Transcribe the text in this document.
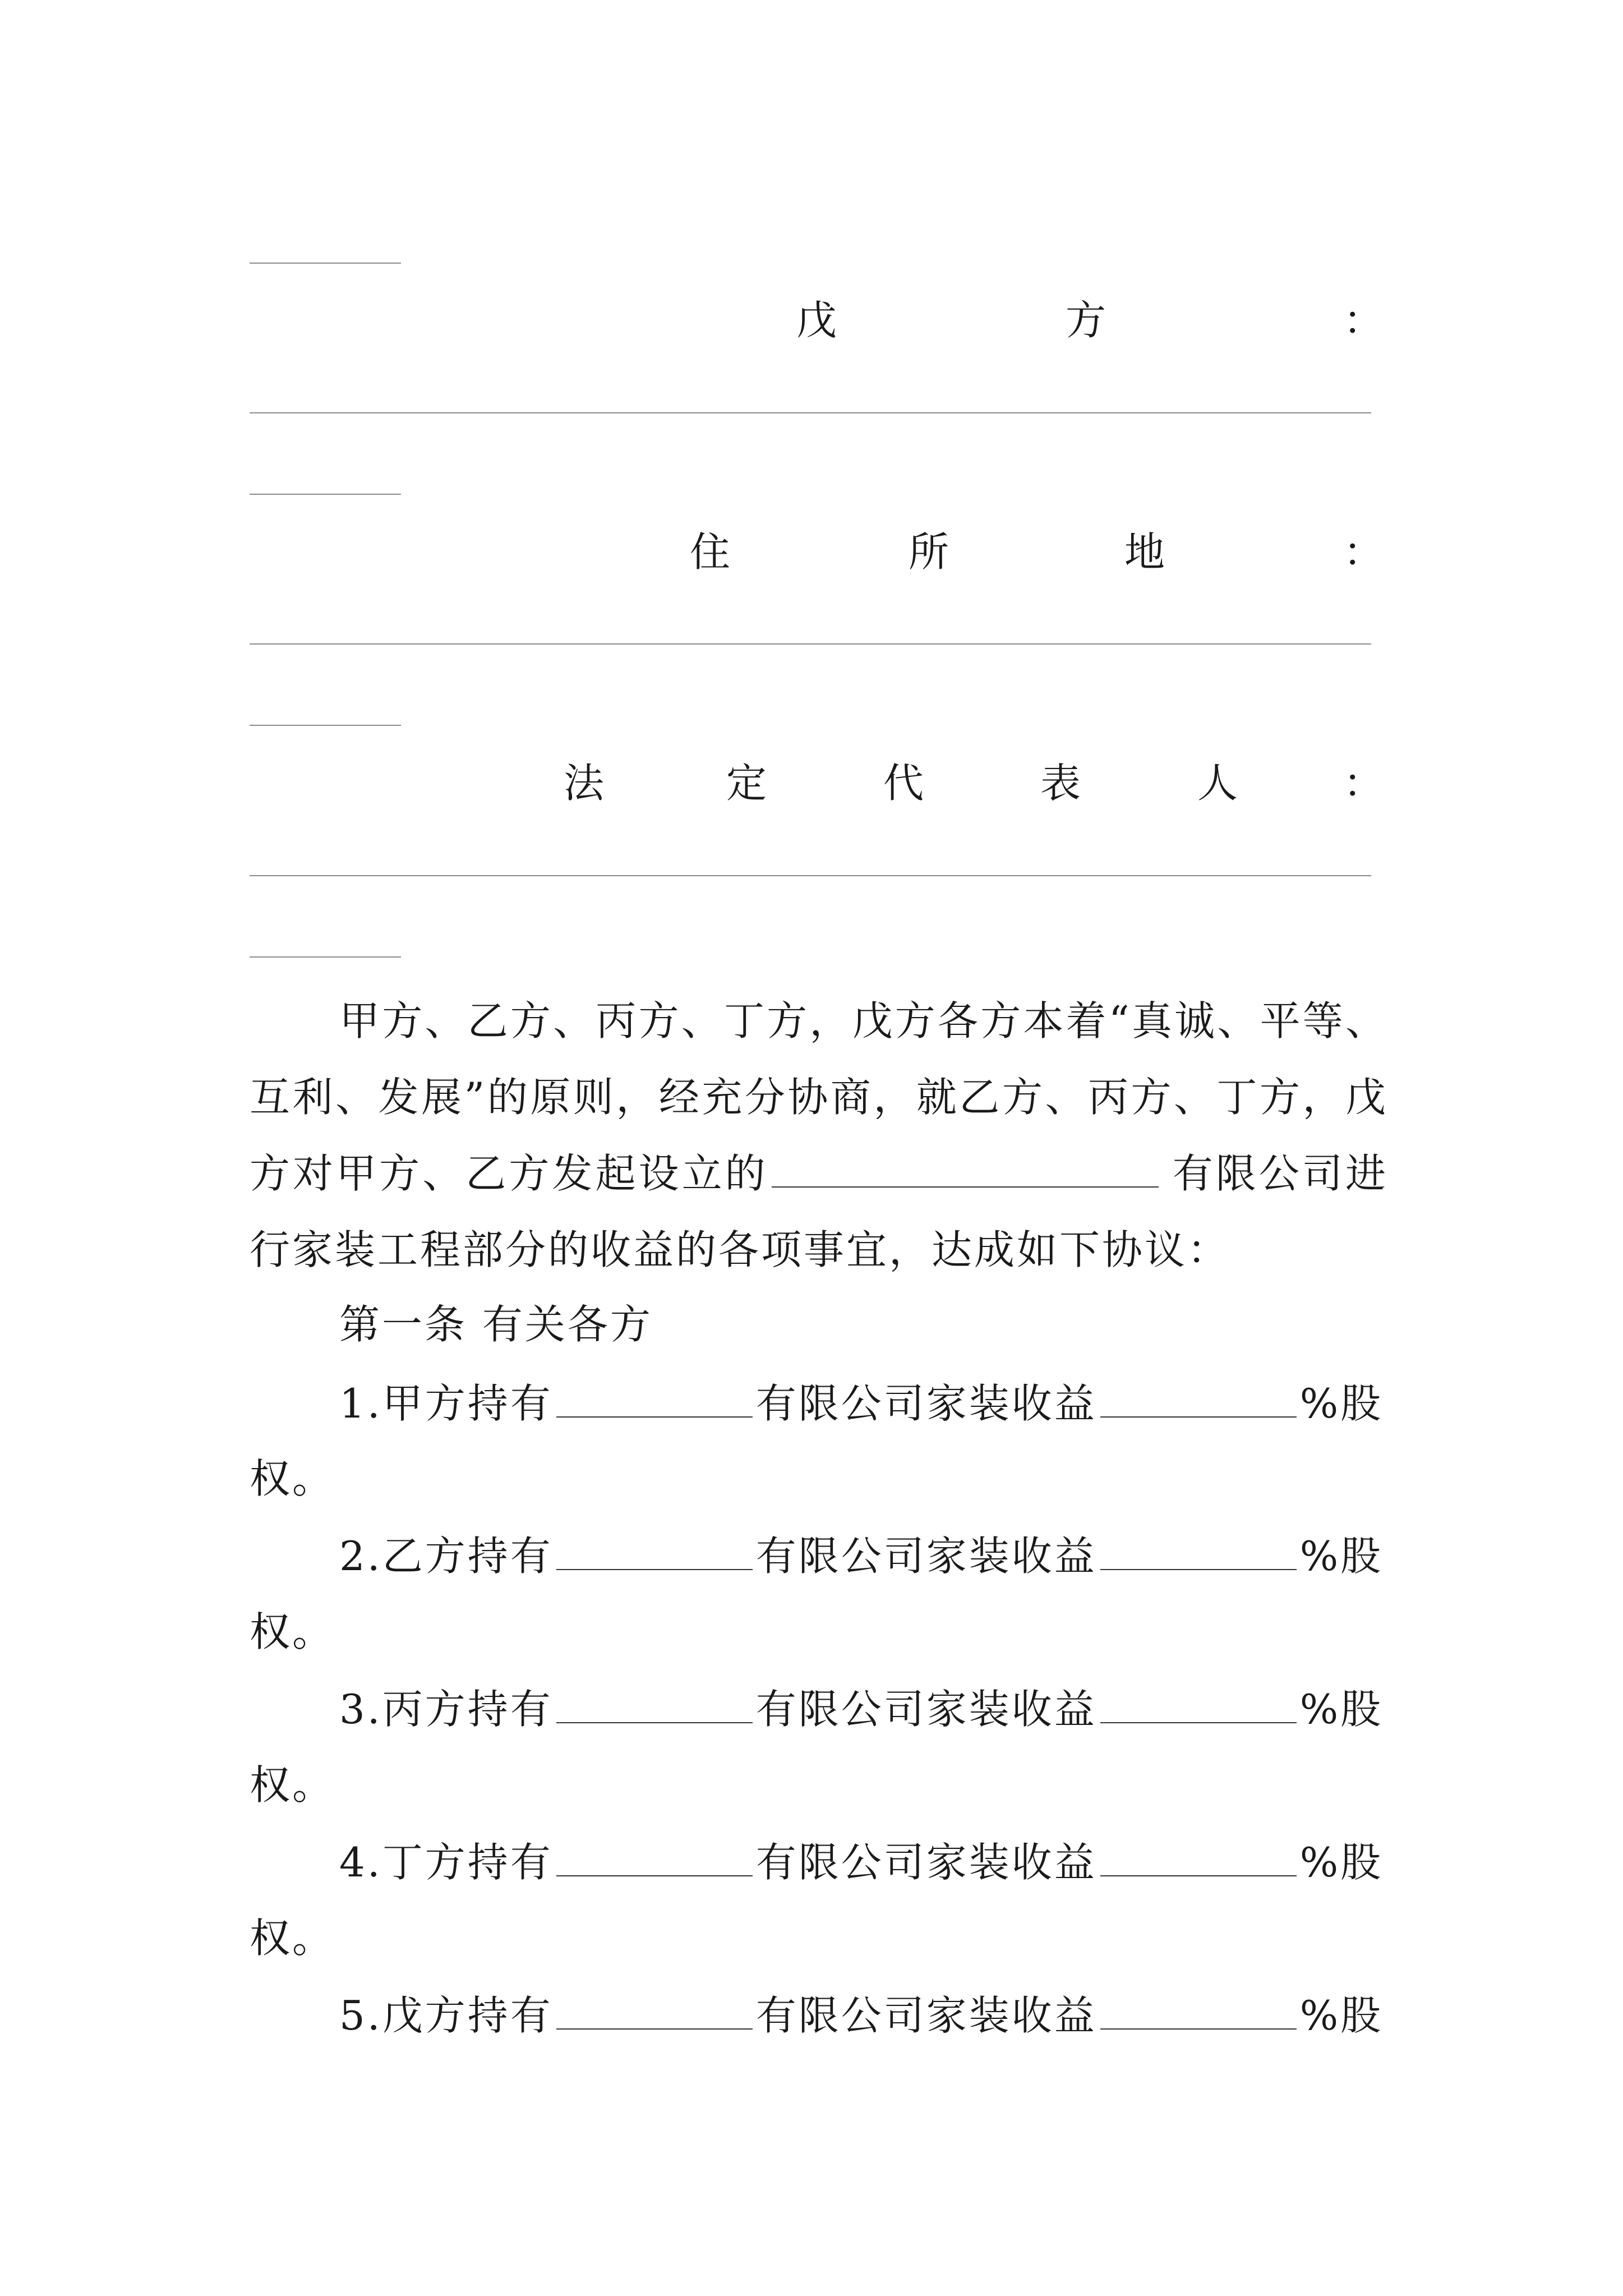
戊	方	：
住	所	地	：
法	定	代	表	人	：

甲方、乙方、丙方、丁方，戊方各方本着“真诚、平等、互利、发展”的原则，经充分协商，就乙方、丙方、丁方，戊方对甲方、乙方发起设立的	有限公司进行家装工程部分的收益的各项事宜，达成如下协议：

第一条 有关各方
1.甲方持有	有限公司家装收益	%股
权。
2.乙方持有	有限公司家装收益	%股
权。
3.丙方持有	有限公司家装收益	%股
权。
4.丁方持有	有限公司家装收益	%股
权。
5.戊方持有	有限公司家装收益	%股
